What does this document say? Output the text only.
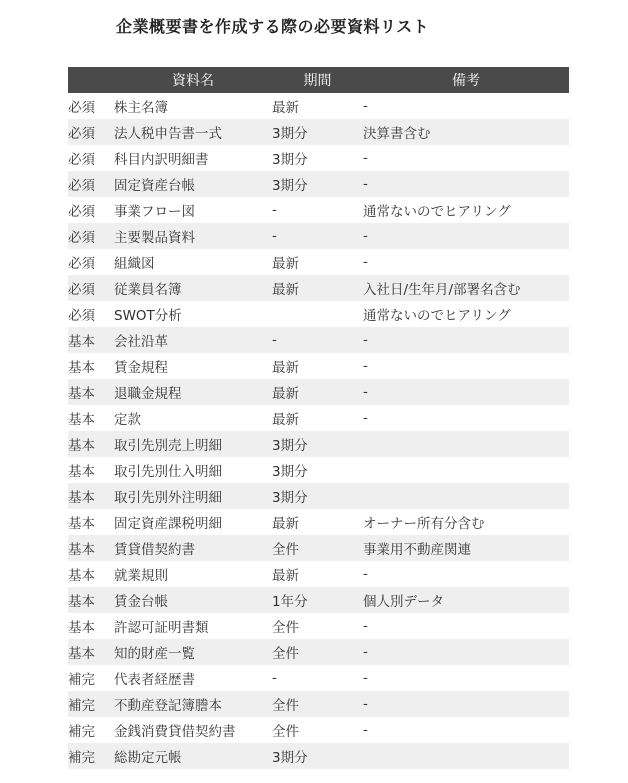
企業概要書を作成する際の必要資料リスト
	資料名	期間	備考
必須	株主名簿	最新	-
必須	法人税申告書一式	3期分	決算書含む
必須	科目内訳明細書	3期分	-
必須	固定資産台帳	3期分	-
必須	事業フロー図	-	通常ないのでヒアリング
必須	主要製品資料	-	-
必須	組織図	最新	-
必須	従業員名簿	最新	入社日/生年月/部署名含む
必須	SWOT分析		通常ないのでヒアリング
基本	会社沿革	-	-
基本	賃金規程	最新	-
基本	退職金規程	最新	-
基本	定款	最新	-
基本	取引先別売上明細	3期分	
基本	取引先別仕入明細	3期分	
基本	取引先別外注明細	3期分	
基本	固定資産課税明細	最新	オーナー所有分含む
基本	賃貸借契約書	全件	事業用不動産関連
基本	就業規則	最新	-
基本	賃金台帳	1年分	個人別データ
基本	許認可証明書類	全件	-
基本	知的財産一覧	全件	-
補完	代表者経歴書	-	-
補完	不動産登記簿謄本	全件	-
補完	金銭消費貸借契約書	全件	-
補完	総勘定元帳	3期分	
